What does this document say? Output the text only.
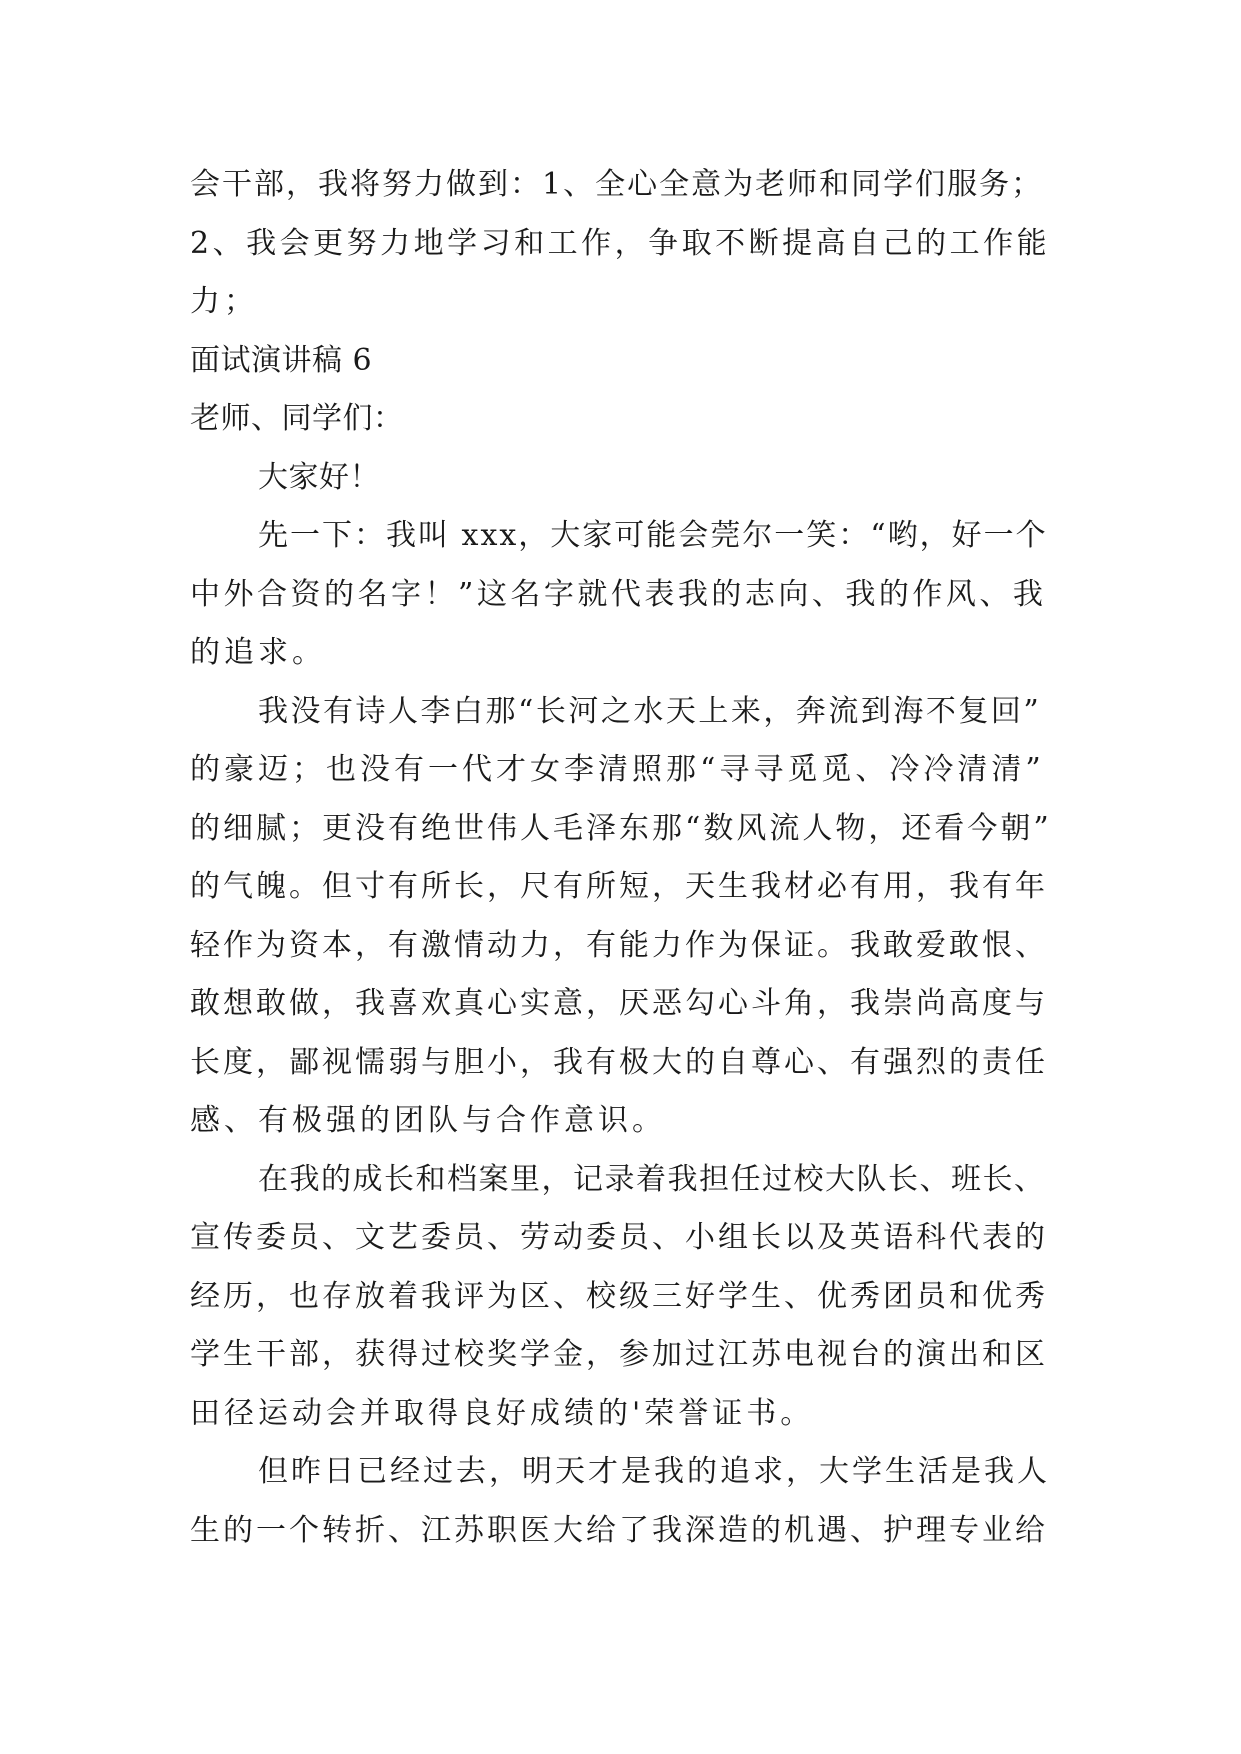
会干部，我将努力做到：1、全心全意为老师和同学们服务；
2、我会更努力地学习和工作，争取不断提高自己的工作能
力；
面试演讲稿 6
老师、同学们：
大家好！
先一下：我叫 xxx，大家可能会莞尔一笑：“哟，好一个
中外合资的名字！”这名字就代表我的志向、我的作风、我
的追求。
我没有诗人李白那“长河之水天上来，奔流到海不复回”
的豪迈；也没有一代才女李清照那“寻寻觅觅、冷冷清清”
的细腻；更没有绝世伟人毛泽东那“数风流人物，还看今朝”
的气魄。但寸有所长，尺有所短，天生我材必有用，我有年
轻作为资本，有激情动力，有能力作为保证。我敢爱敢恨、
敢想敢做，我喜欢真心实意，厌恶勾心斗角，我崇尚高度与
长度，鄙视懦弱与胆小，我有极大的自尊心、有强烈的责任
感、有极强的团队与合作意识。
在我的成长和档案里，记录着我担任过校大队长、班长、
宣传委员、文艺委员、劳动委员、小组长以及英语科代表的
经历，也存放着我评为区、校级三好学生、优秀团员和优秀
学生干部，获得过校奖学金，参加过江苏电视台的演出和区
田径运动会并取得良好成绩的'荣誉证书。
但昨日已经过去，明天才是我的追求，大学生活是我人
生的一个转折、江苏职医大给了我深造的机遇、护理专业给
